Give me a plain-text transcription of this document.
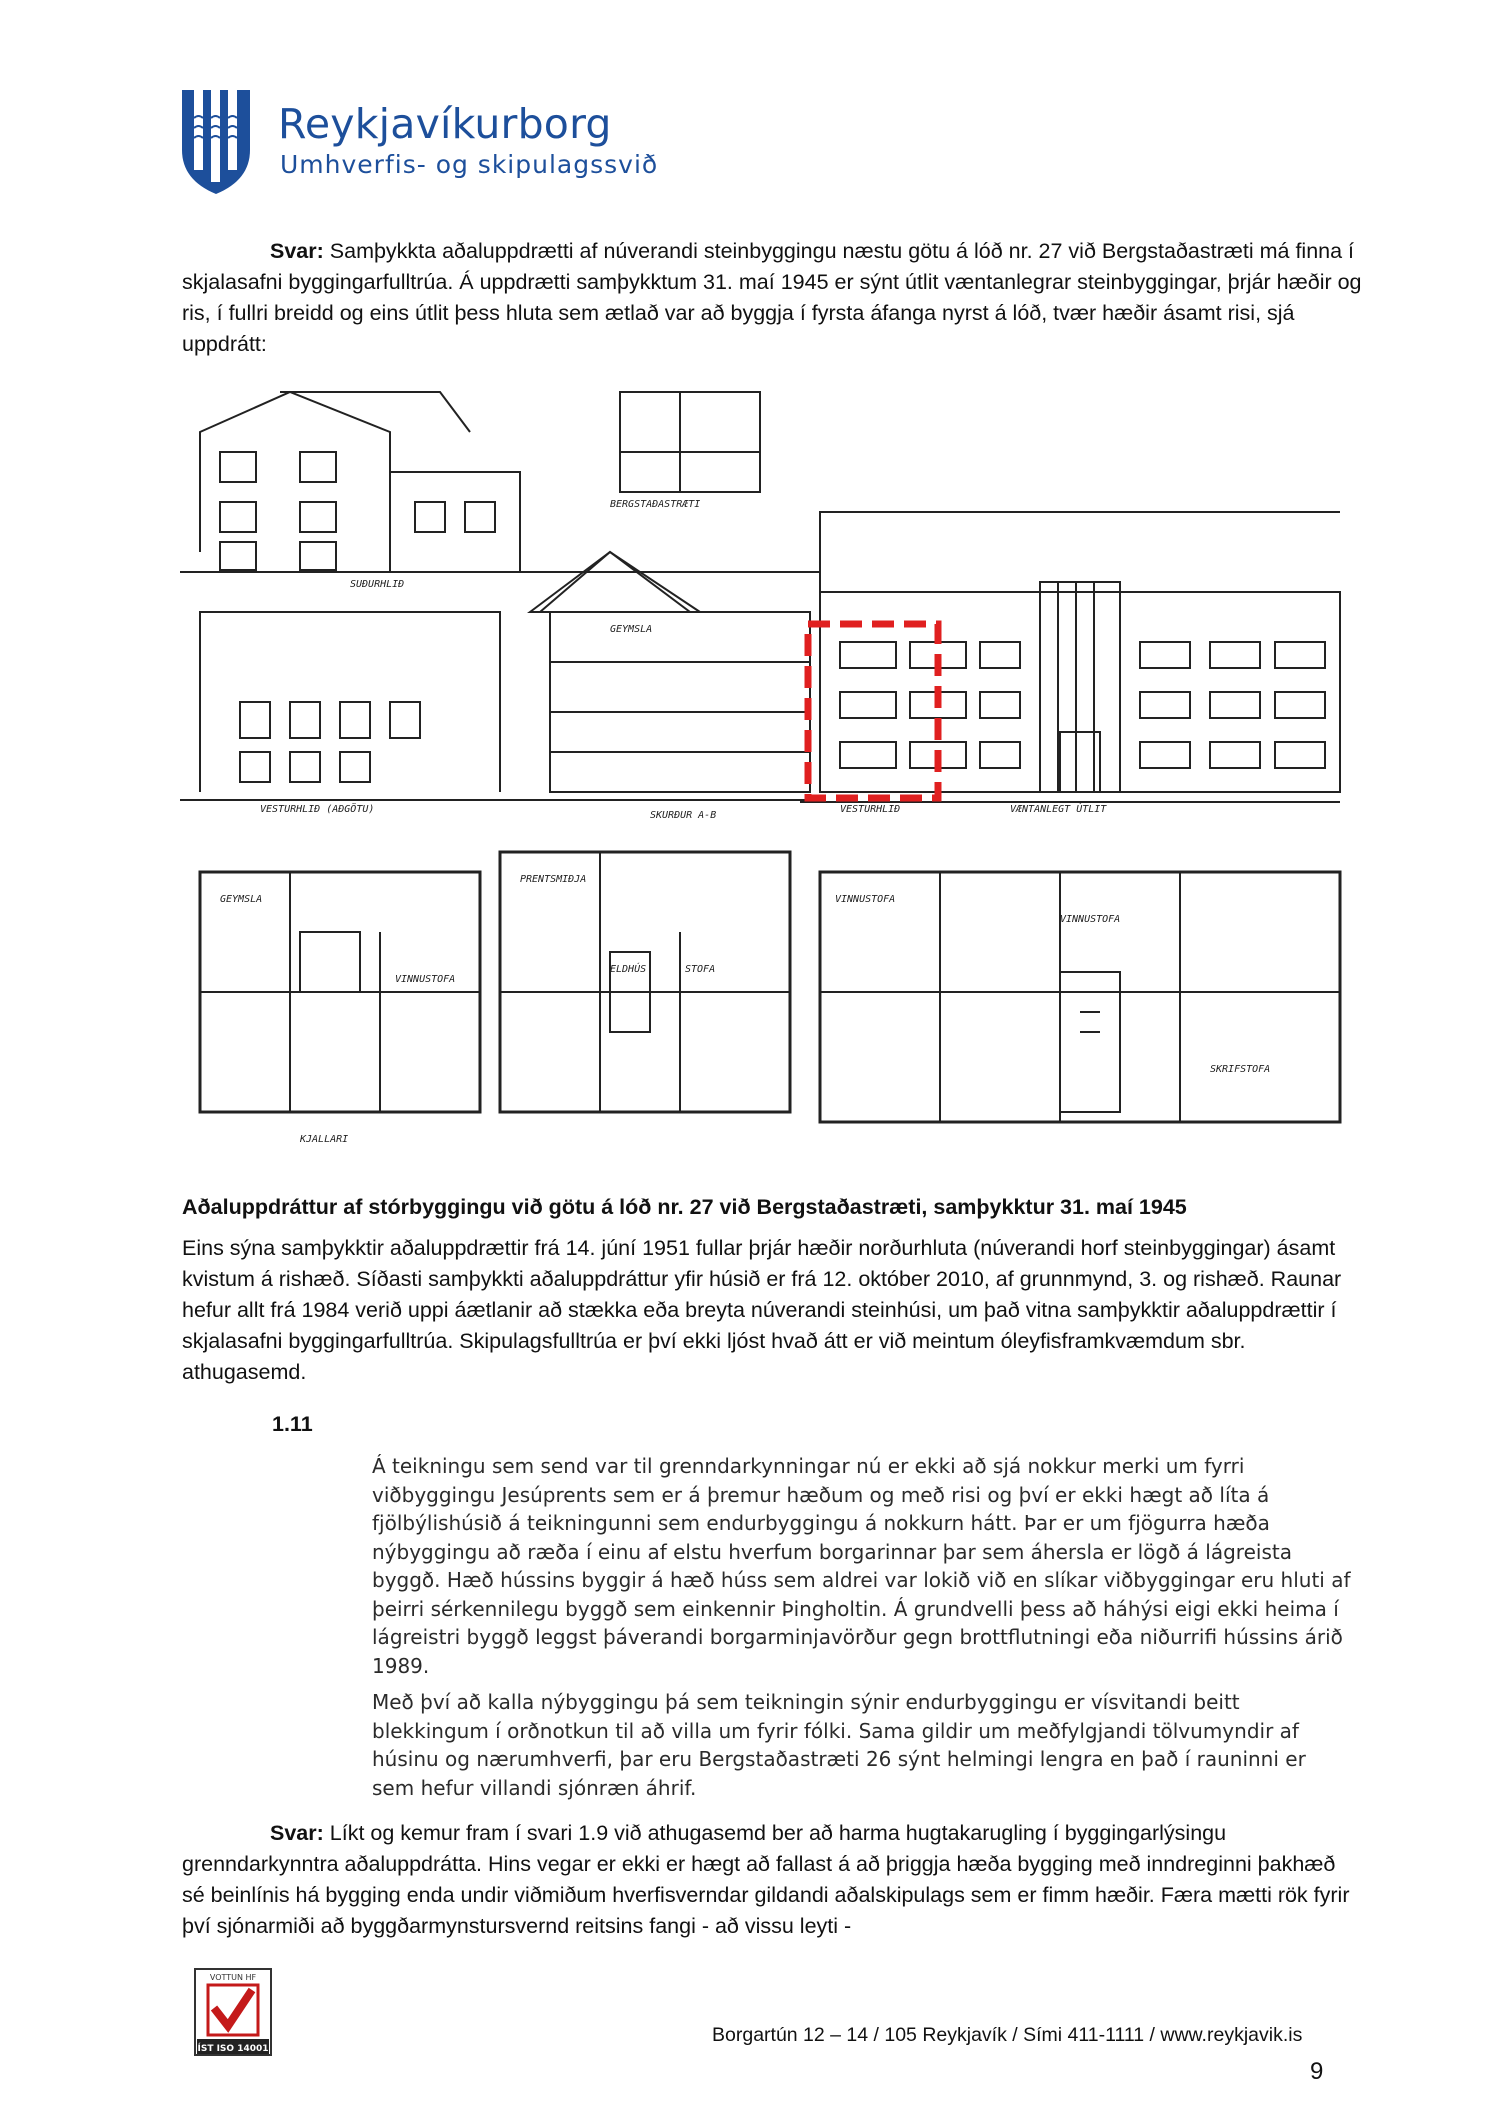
Reykjavíkurborg
Umhverfis- og skipulagssvið

Svar: Samþykkta aðaluppdrætti af núverandi steinbyggingu næstu götu á lóð nr. 27 við Bergstaðastræti má finna í skjalasafni byggingarfulltrúa. Á uppdrætti samþykktum 31. maí 1945 er sýnt útlit væntanlegrar steinbyggingar, þrjár hæðir og ris, í fullri breidd og eins útlit þess hluta sem ætlað var að byggja í fyrsta áfanga nyrst á lóð, tvær hæðir ásamt risi, sjá uppdrátt:

SUÐURHLIÐ
BERGSTAÐASTRÆTI
VESTURHLIÐ (AÐGÖTU)
SKURÐUR A-B
VESTURHLIÐ	VÆNTANLEGT ÚTLIT
GEYMSLA
GEYMSLA
VINNUSTOFA
PRENTSMIÐJA
STOFA
ELDHÚS
VINNUSTOFA
VINNUSTOFA
SKRIFSTOFA
KJALLARI
Aðaluppdráttur af stórbyggingu við götu á lóð nr. 27 við Bergstaðastræti, samþykktur 31. maí 1945

Eins sýna samþykktir aðaluppdrættir frá 14. júní 1951 fullar þrjár hæðir norðurhluta (núverandi horf steinbyggingar) ásamt kvistum á rishæð. Síðasti samþykkti aðaluppdráttur yfir húsið er frá 12. október 2010, af grunnmynd, 3. og rishæð. Raunar hefur allt frá 1984 verið uppi áætlanir að stækka eða breyta núverandi steinhúsi, um það vitna samþykktir aðaluppdrættir í skjalasafni byggingarfulltrúa. Skipulagsfulltrúa er því ekki ljóst hvað átt er við meintum óleyfisframkvæmdum sbr. athugasemd.

1.11
Á teikningu sem send var til grenndarkynningar nú er ekki að sjá nokkur merki um fyrri viðbyggingu Jesúprents sem er á þremur hæðum og með risi og því er ekki hægt að líta á fjölbýlishúsið á teikningunni sem endurbyggingu á nokkurn hátt. Þar er um fjögurra hæða nýbyggingu að ræða í einu af elstu hverfum borgarinnar þar sem áhersla er lögð á lágreista byggð. Hæð hússins byggir á hæð húss sem aldrei var lokið við en slíkar viðbyggingar eru hluti af þeirri sérkennilegu byggð sem einkennir Þingholtin. Á grundvelli þess að háhýsi eigi ekki heima í lágreistri byggð leggst þáverandi borgarminjavörður gegn brottflutningi eða niðurrifi hússins árið 1989.
Með því að kalla nýbyggingu þá sem teikningin sýnir endurbyggingu er vísvitandi beitt blekkingum í orðnotkun til að villa um fyrir fólki. Sama gildir um meðfylgjandi tölvumyndir af húsinu og nærumhverfi, þar eru Bergstaðastræti 26 sýnt helmingi lengra en það í rauninni er sem hefur villandi sjónræn áhrif.

Svar: Líkt og kemur fram í svari 1.9 við athugasemd ber að harma hugtakarugling í byggingarlýsingu grenndarkynntra aðaluppdrátta. Hins vegar er ekki er hægt að fallast á að þriggja hæða bygging með inndreginni þakhæð sé beinlínis há bygging enda undir viðmiðum hverfisverndar gildandi aðalskipulags sem er fimm hæðir. Færa mætti rök fyrir því sjónarmiði að byggðarmynstursvernd reitsins fangi - að vissu leyti -

VOTTUN HF
ÍST ISO 14001
Borgartún 12 – 14 / 105 Reykjavík / Sími 411-1111 / www.reykjavik.is
9
